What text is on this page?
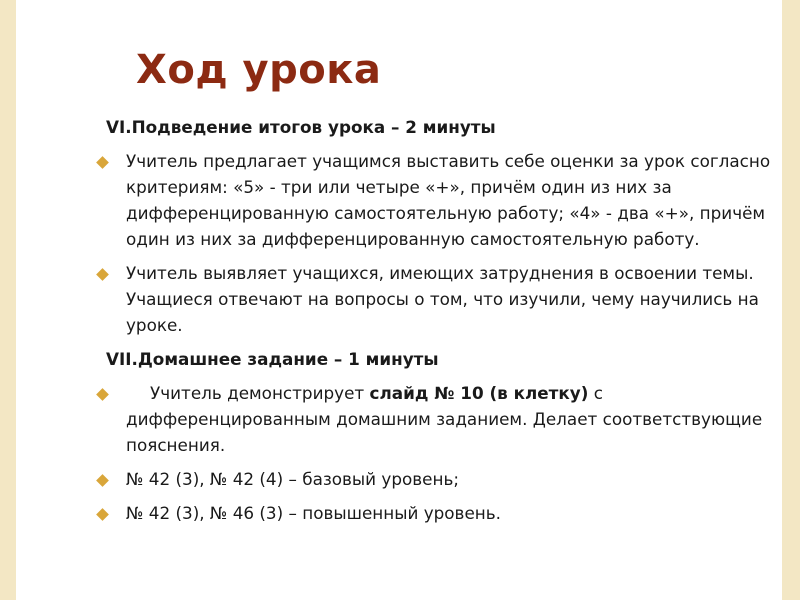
Ход урока
VI.Подведение итогов урока – 2 минуты
Учитель предлагает учащимся выставить себе оценки за урок согласно критериям: «5» - три или четыре «+», причём один из них за дифференцированную самостоятельную работу; «4» - два «+», причём один из них за дифференцированную самостоятельную работу.
Учитель выявляет учащихся, имеющих затруднения в освоении темы. Учащиеся отвечают на вопросы о том, что изучили, чему научились на уроке.
VII.Домашнее задание – 1 минуты
Учитель демонстрирует слайд № 10 (в клетку) с дифференцированным домашним заданием. Делает соответствующие пояснения.
№ 42 (3), № 42 (4) – базовый уровень;
№ 42 (3), № 46 (3) – повышенный уровень.
